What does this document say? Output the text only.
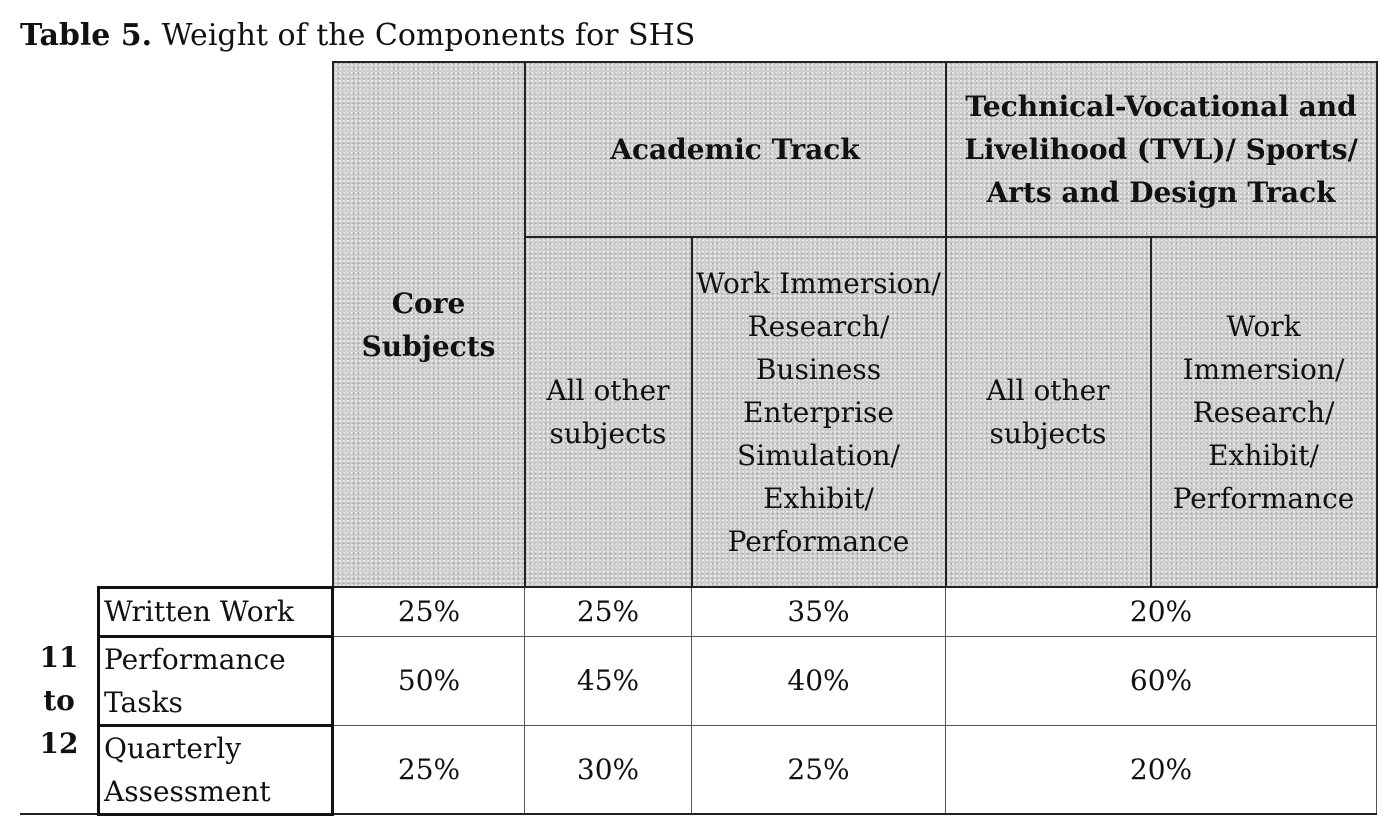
Table 5. Weight of the Components for SHS
		Core Subjects	Academic Track		Technical-Vocational and Livelihood (TVL)/ Sports/ Arts and Design Track	
			All other subjects	Work Immersion/ Research/ Business Enterprise Simulation/ Exhibit/ Performance	All other subjects	Work Immersion/ Research/ Exhibit/ Performance
11 to 12	Written Work	25%	25%	35%	20%	
	Performance Tasks	50%	45%	40%	60%	
	Quarterly Assessment	25%	30%	25%	20%	
